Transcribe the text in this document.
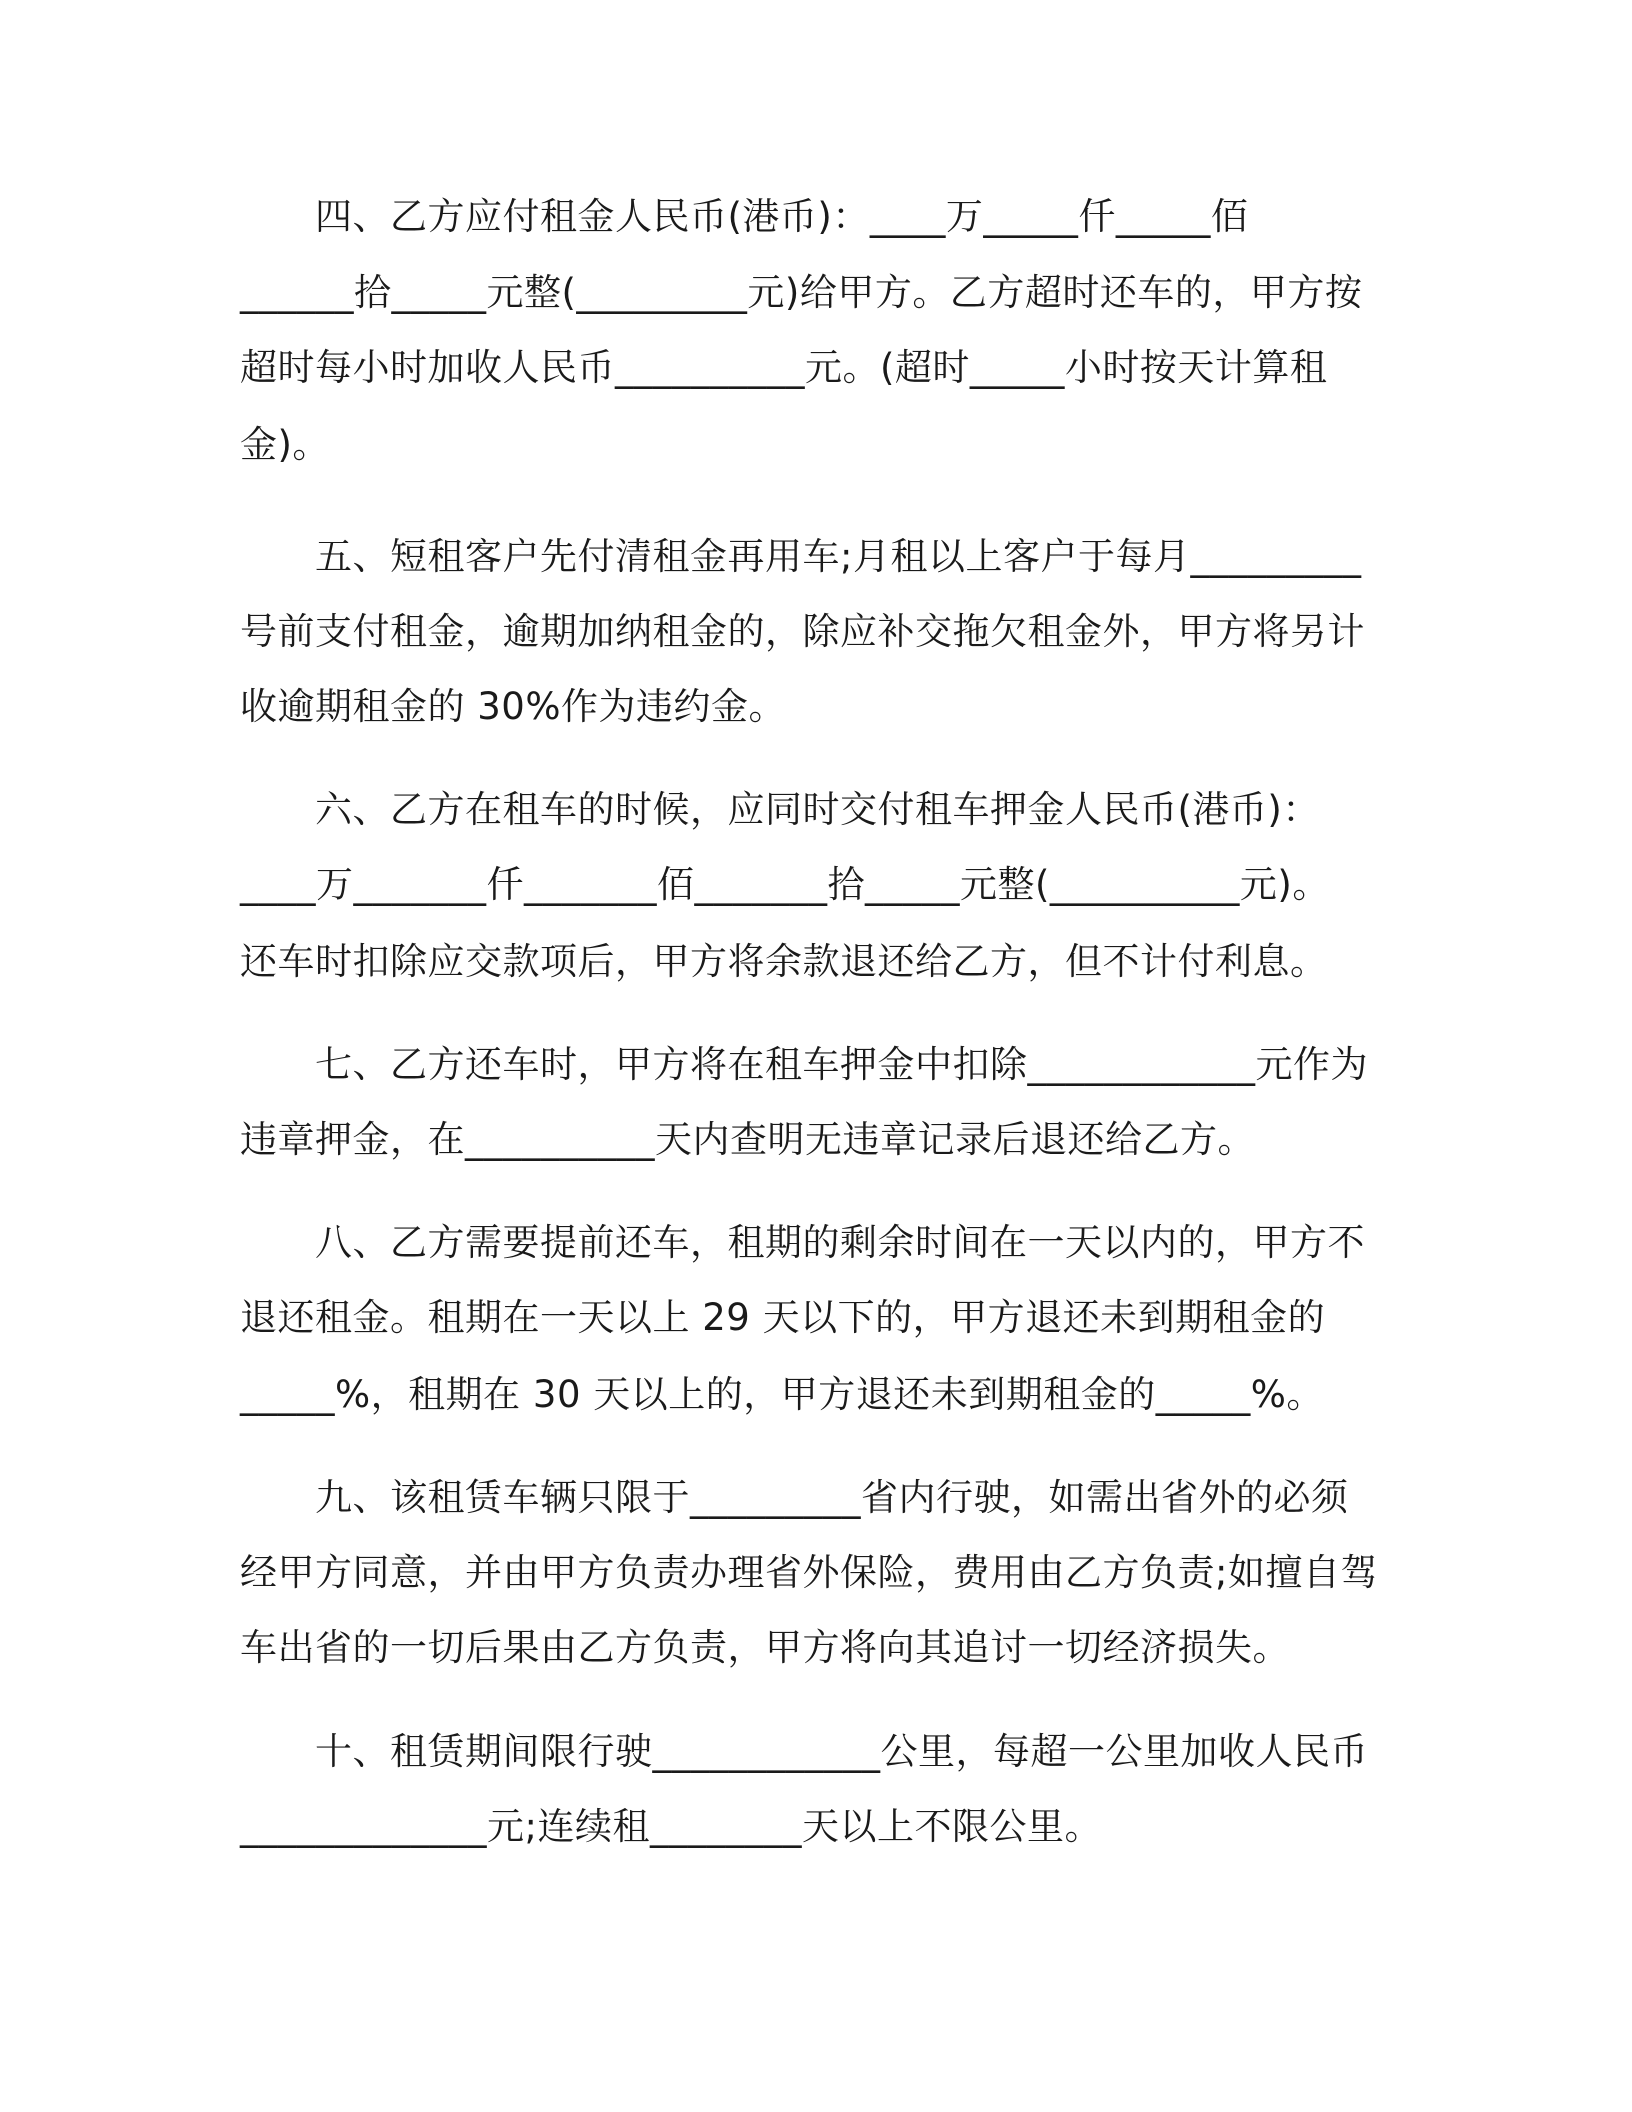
四、乙方应付租金人民币(港币)：____万_____仟_____佰
______拾_____元整(_________元)给甲方。乙方超时还车的，甲方按
超时每小时加收人民币__________元。(超时_____小时按天计算租
金)。
五、短租客户先付清租金再用车;月租以上客户于每月_________
号前支付租金，逾期加纳租金的，除应补交拖欠租金外，甲方将另计
收逾期租金的 30%作为违约金。
六、乙方在租车的时候，应同时交付租车押金人民币(港币)：
____万_______仟_______佰_______拾_____元整(__________元)。
还车时扣除应交款项后，甲方将余款退还给乙方，但不计付利息。
七、乙方还车时，甲方将在租车押金中扣除____________元作为
违章押金，在__________天内查明无违章记录后退还给乙方。
八、乙方需要提前还车，租期的剩余时间在一天以内的，甲方不
退还租金。租期在一天以上 29 天以下的，甲方退还未到期租金的
_____%，租期在 30 天以上的，甲方退还未到期租金的_____%。
九、该租赁车辆只限于_________省内行驶，如需出省外的必须
经甲方同意，并由甲方负责办理省外保险，费用由乙方负责;如擅自驾
车出省的一切后果由乙方负责，甲方将向其追讨一切经济损失。
十、租赁期间限行驶____________公里，每超一公里加收人民币
_____________元;连续租________天以上不限公里。
